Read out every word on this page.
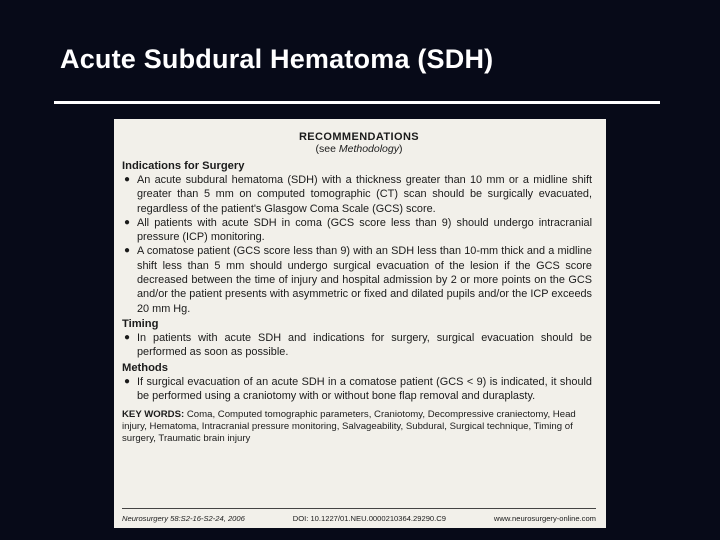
Acute Subdural Hematoma (SDH)
RECOMMENDATIONS
(see Methodology)
Indications for Surgery
● An acute subdural hematoma (SDH) with a thickness greater than 10 mm or a midline shift greater than 5 mm on computed tomographic (CT) scan should be surgically evacuated, regardless of the patient's Glasgow Coma Scale (GCS) score.
● All patients with acute SDH in coma (GCS score less than 9) should undergo intracranial pressure (ICP) monitoring.
● A comatose patient (GCS score less than 9) with an SDH less than 10-mm thick and a midline shift less than 5 mm should undergo surgical evacuation of the lesion if the GCS score decreased between the time of injury and hospital admission by 2 or more points on the GCS and/or the patient presents with asymmetric or fixed and dilated pupils and/or the ICP exceeds 20 mm Hg.
Timing
● In patients with acute SDH and indications for surgery, surgical evacuation should be performed as soon as possible.
Methods
● If surgical evacuation of an acute SDH in a comatose patient (GCS < 9) is indicated, it should be performed using a craniotomy with or without bone flap removal and duraplasty.
KEY WORDS: Coma, Computed tomographic parameters, Craniotomy, Decompressive craniectomy, Head injury, Hematoma, Intracranial pressure monitoring, Salvageability, Subdural, Surgical technique, Timing of surgery, Traumatic brain injury
Neurosurgery 58:S2-16-S2-24, 2006	DOI: 10.1227/01.NEU.0000210364.29290.C9	www.neurosurgery-online.com
